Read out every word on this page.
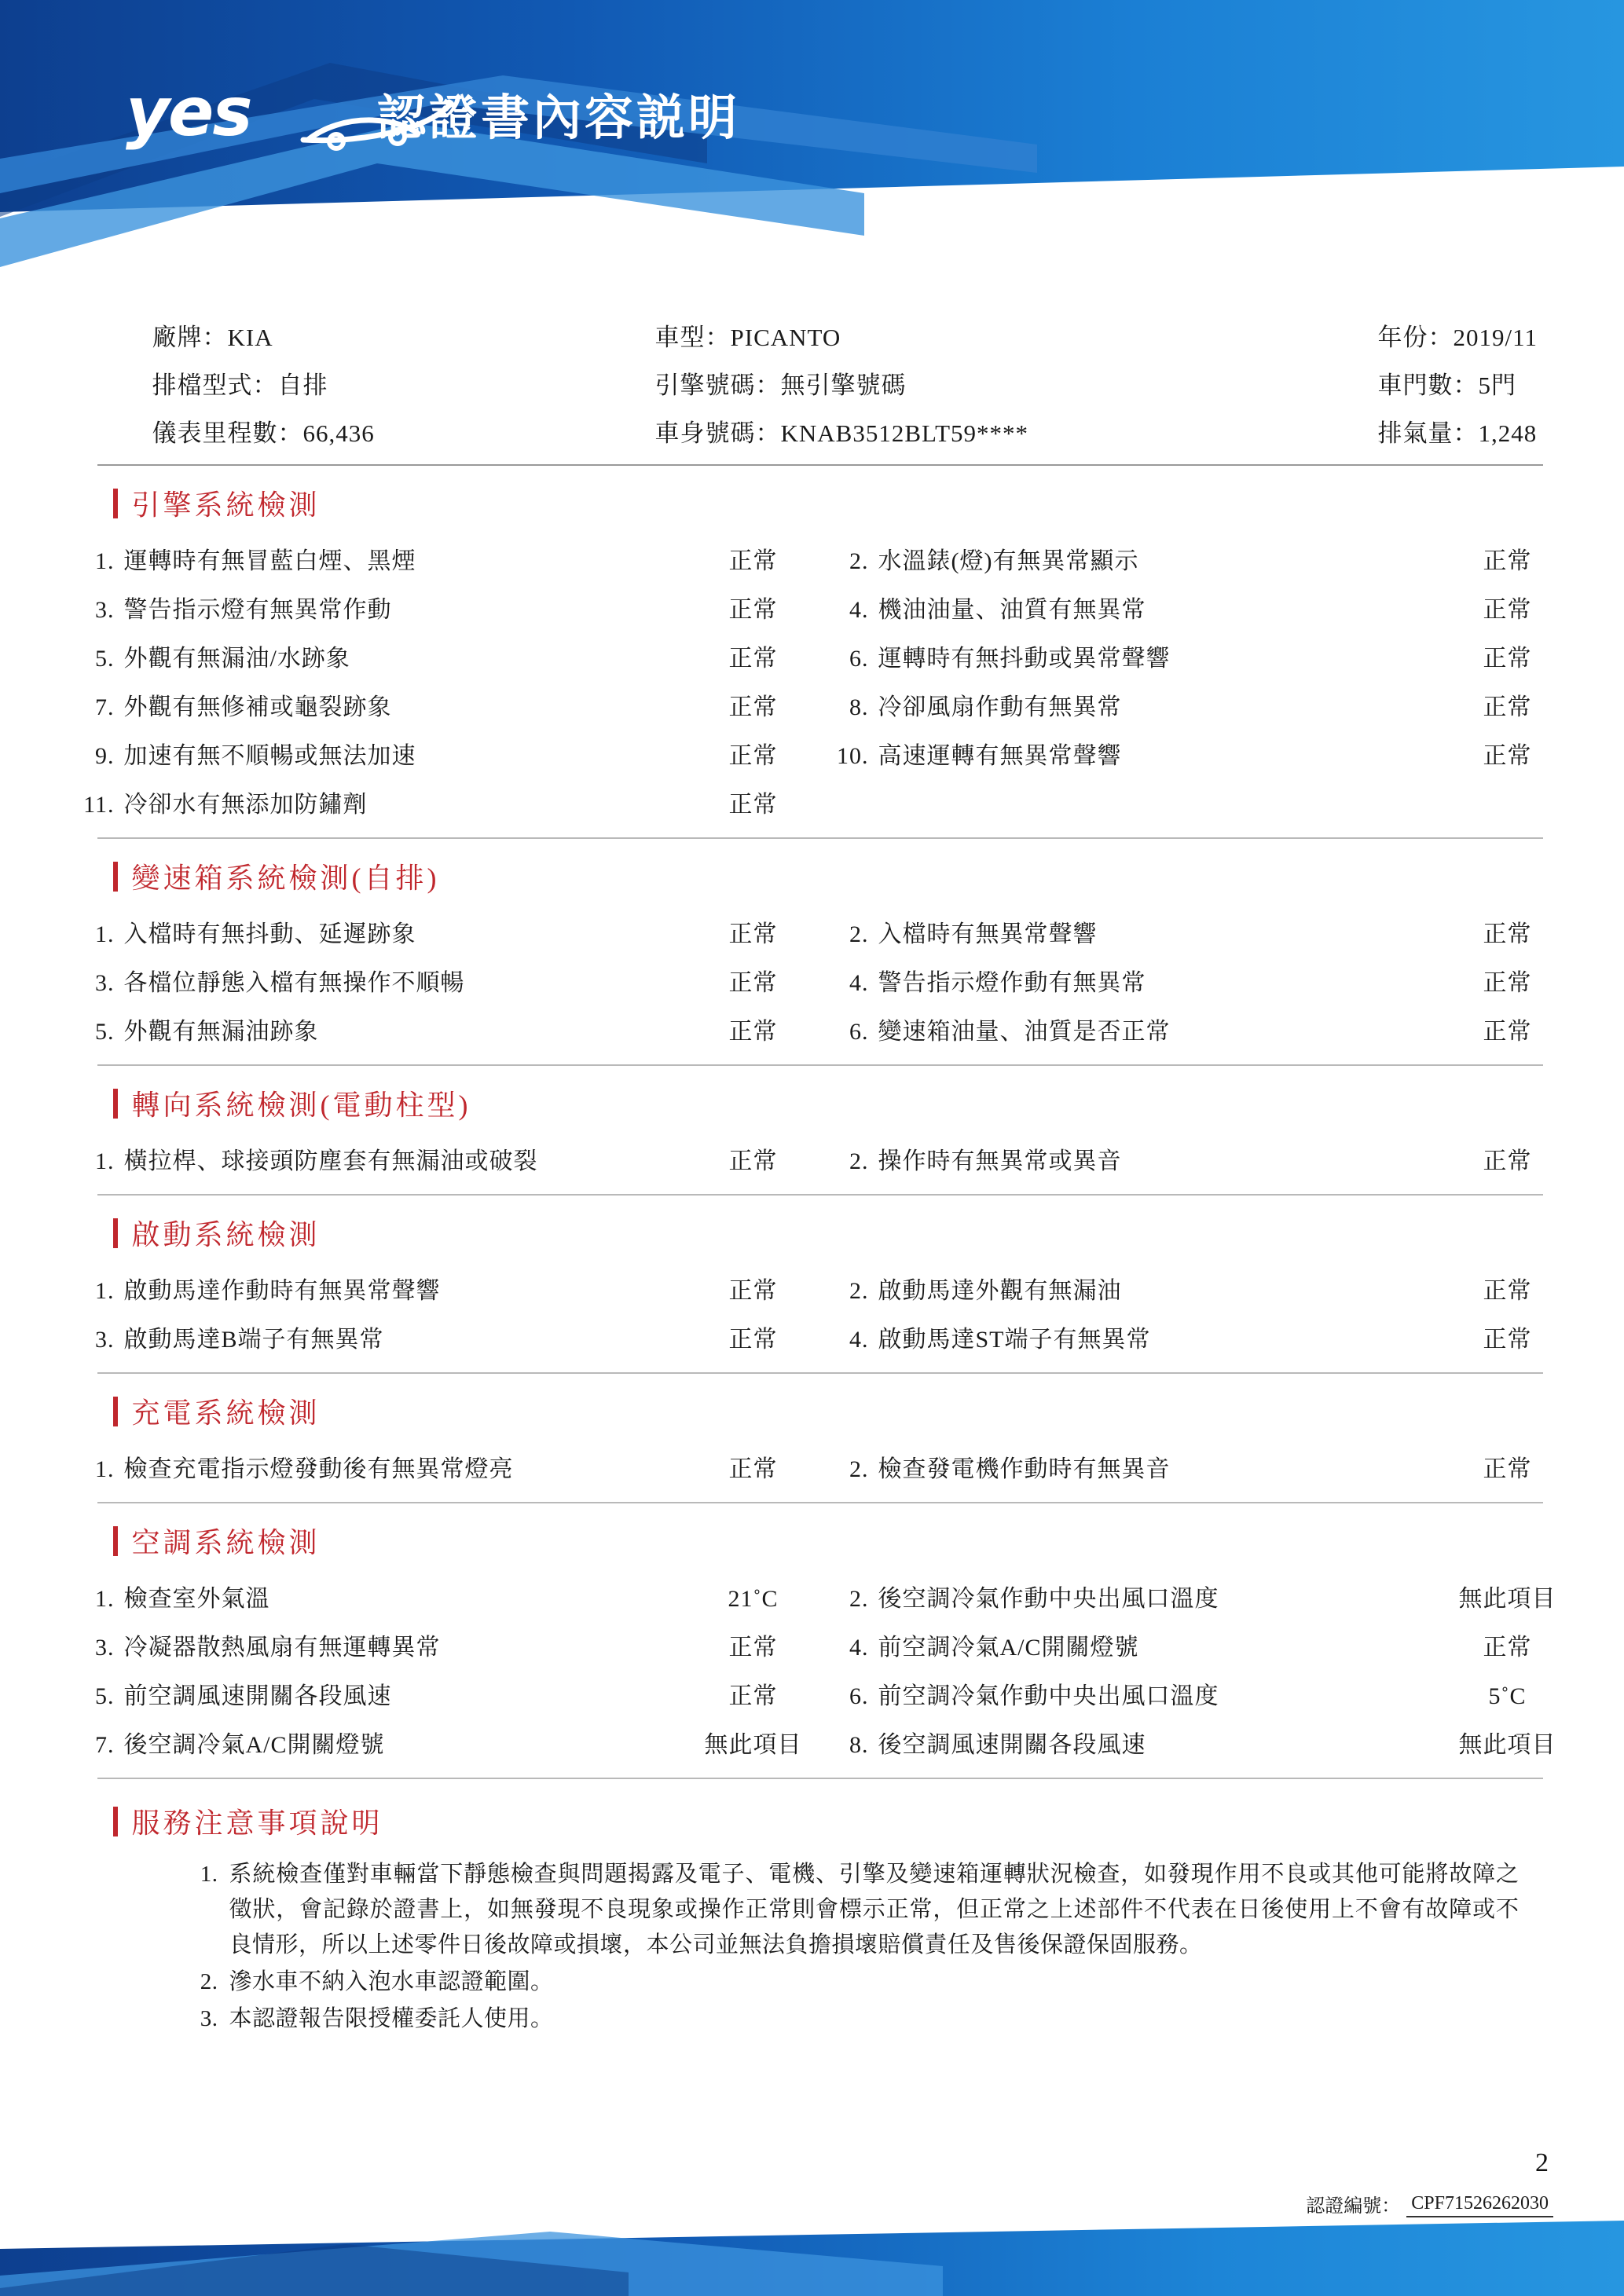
yes	認證書內容説明
廠牌：KIA	車型：PICANTO	年份：2019/11
排檔型式：自排	引擎號碼：無引擎號碼	車門數：5門
儀表里程數：66,436	車身號碼：KNAB3512BLT59****	排氣量：1,248
引擎系統檢測
1. 運轉時有無冒藍白煙、黑煙	正常	2. 水溫錶(燈)有無異常顯示	正常
3. 警告指示燈有無異常作動	正常	4. 機油油量、油質有無異常	正常
5. 外觀有無漏油/水跡象	正常	6. 運轉時有無抖動或異常聲響	正常
7. 外觀有無修補或龜裂跡象	正常	8. 冷卻風扇作動有無異常	正常
9. 加速有無不順暢或無法加速	正常	10. 高速運轉有無異常聲響	正常
11. 冷卻水有無添加防鏽劑	正常
變速箱系統檢測(自排)
1. 入檔時有無抖動、延遲跡象	正常	2. 入檔時有無異常聲響	正常
3. 各檔位靜態入檔有無操作不順暢	正常	4. 警告指示燈作動有無異常	正常
5. 外觀有無漏油跡象	正常	6. 變速箱油量、油質是否正常	正常
轉向系統檢測(電動柱型)
1. 橫拉桿、球接頭防塵套有無漏油或破裂	正常	2. 操作時有無異常或異音	正常
啟動系統檢測
1. 啟動馬達作動時有無異常聲響	正常	2. 啟動馬達外觀有無漏油	正常
3. 啟動馬達B端子有無異常	正常	4. 啟動馬達ST端子有無異常	正常
充電系統檢測
1. 檢查充電指示燈發動後有無異常燈亮	正常	2. 檢查發電機作動時有無異音	正常
空調系統檢測
1. 檢查室外氣溫	21˚C	2. 後空調冷氣作動中央出風口溫度	無此項目
3. 冷凝器散熱風扇有無運轉異常	正常	4. 前空調冷氣A/C開關燈號	正常
5. 前空調風速開關各段風速	正常	6. 前空調冷氣作動中央出風口溫度	5˚C
7. 後空調冷氣A/C開關燈號	無此項目	8. 後空調風速開關各段風速	無此項目
服務注意事項說明
1. 系統檢查僅對車輛當下靜態檢查與問題揭露及電子、電機、引擎及變速箱運轉狀況檢查，如發現作用不良或其他可能將故障之徵狀，會記錄於證書上，如無發現不良現象或操作正常則會標示正常，但正常之上述部件不代表在日後使用上不會有故障或不良情形，所以上述零件日後故障或損壞，本公司並無法負擔損壞賠償責任及售後保證保固服務。
2. 滲水車不納入泡水車認證範圍。
3. 本認證報告限授權委託人使用。
認證編號： CPF71526262030
2
